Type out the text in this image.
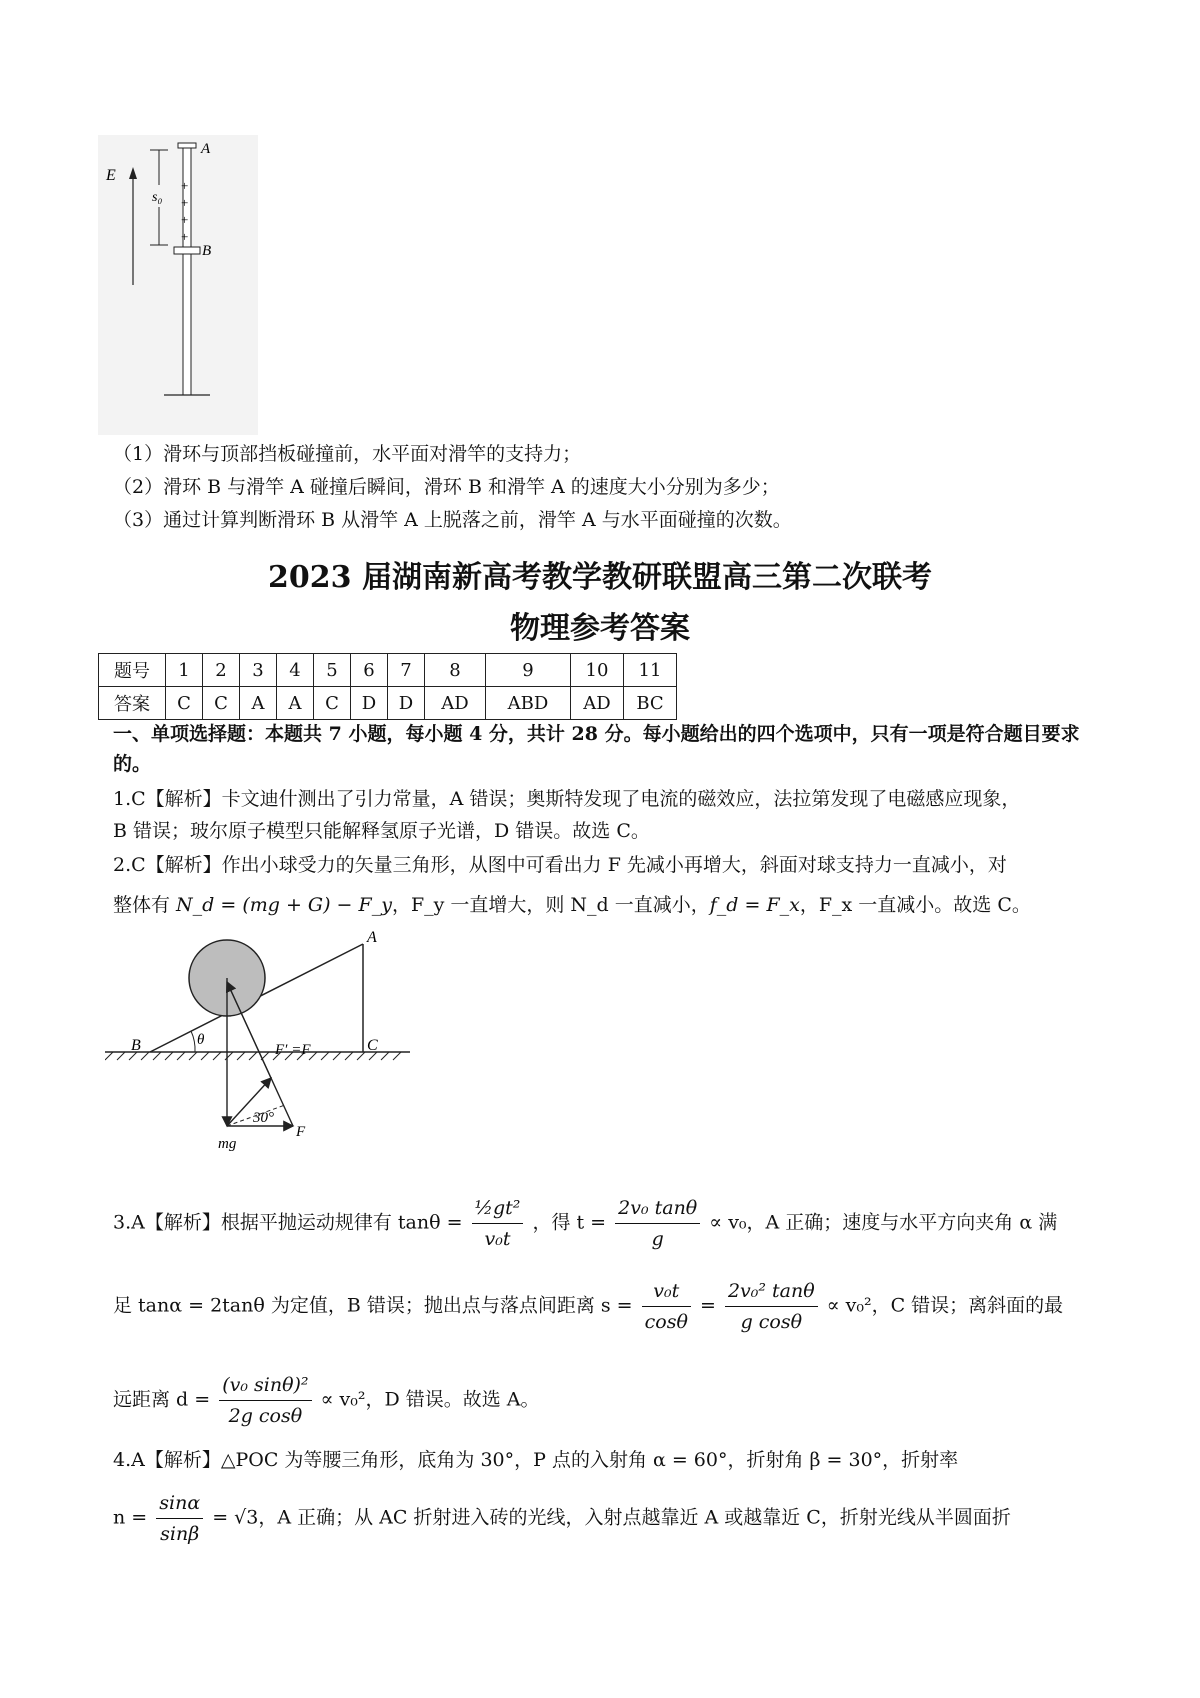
E
A
B
s₀
+
+
+
+
（1）滑环与顶部挡板碰撞前，水平面对滑竿的支持力；
（2）滑环 B 与滑竿 A 碰撞后瞬间，滑环 B 和滑竿 A 的速度大小分别为多少；
（3）通过计算判断滑环 B 从滑竿 A 上脱落之前，滑竿 A 与水平面碰撞的次数。
2023 届湖南新高考教学教研联盟高三第二次联考
物理参考答案
题号	1	2	3	4	5	6	7	8	9	10	11
答案	C	C	A	A	C	D	D	AD	ABD	AD	BC
一、单项选择题：本题共 7 小题，每小题 4 分，共计 28 分。每小题给出的四个选项中，只有一项是符合题目要求的。
1.C【解析】卡文迪什测出了引力常量，A 错误；奥斯特发现了电流的磁效应，法拉第发现了电磁感应现象，
B 错误；玻尔原子模型只能解释氢原子光谱，D 错误。故选 C。
2.C【解析】作出小球受力的矢量三角形，从图中可看出力 F 先减小再增大，斜面对球支持力一直减小，对
整体有 N_d = (mg + G) − F_y，F_y 一直增大，则 N_d 一直减小，f_d = F_x，F_x 一直减小。故选 C。
A
B	C
θ
F′ =F
30°
F
mg
3.A【解析】根据平抛运动规律有 $\tan\theta = \frac{\text{½gt²}}{\text{v₀t}}$ ，得 $t = \frac{\text{2v₀ tanθ}}{g} \propto v_0$，A 正确；速度与水平方向夹角 α 满
足 tanα = 2tanθ 为定值，B 错误；抛出点与落点间距离 $s = \frac{\text{v₀t}}{\cos\theta} = \frac{\text{2v₀² tanθ}}{\text{g cosθ}} \propto v_0^2$，C 错误；离斜面的最
远距离 $d = \frac{\text{(v₀ sinθ)²}}{\text{2g cosθ}} \propto v_0^2$，D 错误。故选 A。
4.A【解析】△POC 为等腰三角形，底角为 30°，P 点的入射角 α = 60°，折射角 β = 30°，折射率
$n = \frac{\sin\alpha}{\sin\beta} = √3$，A 正确；从 AC 折射进入砖的光线，入射点越靠近 A 或越靠近 C，折射光线从半圆面折
